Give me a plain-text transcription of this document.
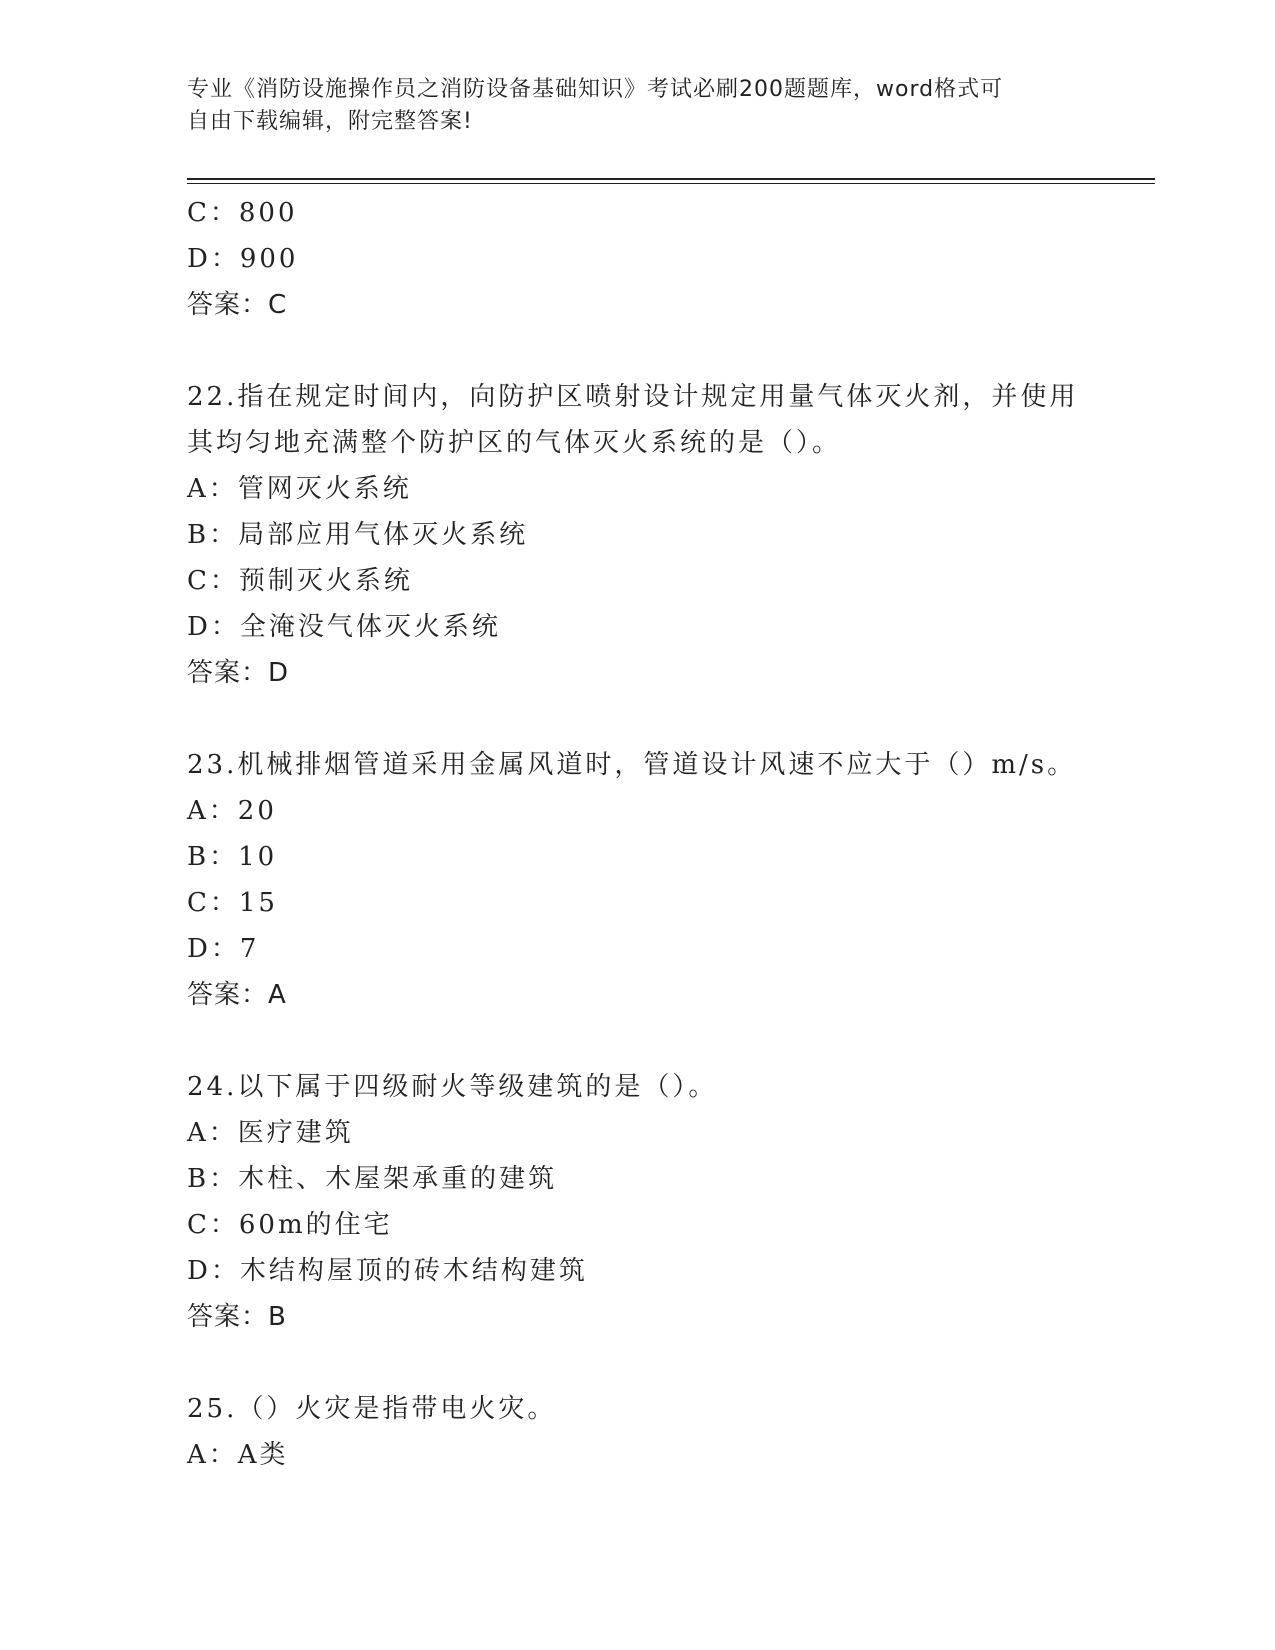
专业《消防设施操作员之消防设备基础知识》考试必刷200题题库，word格式可
自由下载编辑，附完整答案!
C：800
D：900
答案：C
22.指在规定时间内，向防护区喷射设计规定用量气体灭火剂，并使用
其均匀地充满整个防护区的气体灭火系统的是（）。
A：管网灭火系统
B：局部应用气体灭火系统
C：预制灭火系统
D：全淹没气体灭火系统
答案：D
23.机械排烟管道采用金属风道时，管道设计风速不应大于（）m/s。
A：20
B：10
C：15
D：7
答案：A
24.以下属于四级耐火等级建筑的是（）。
A：医疗建筑
B：木柱、木屋架承重的建筑
C：60m的住宅
D：木结构屋顶的砖木结构建筑
答案：B
25.（）火灾是指带电火灾。
A：A类
